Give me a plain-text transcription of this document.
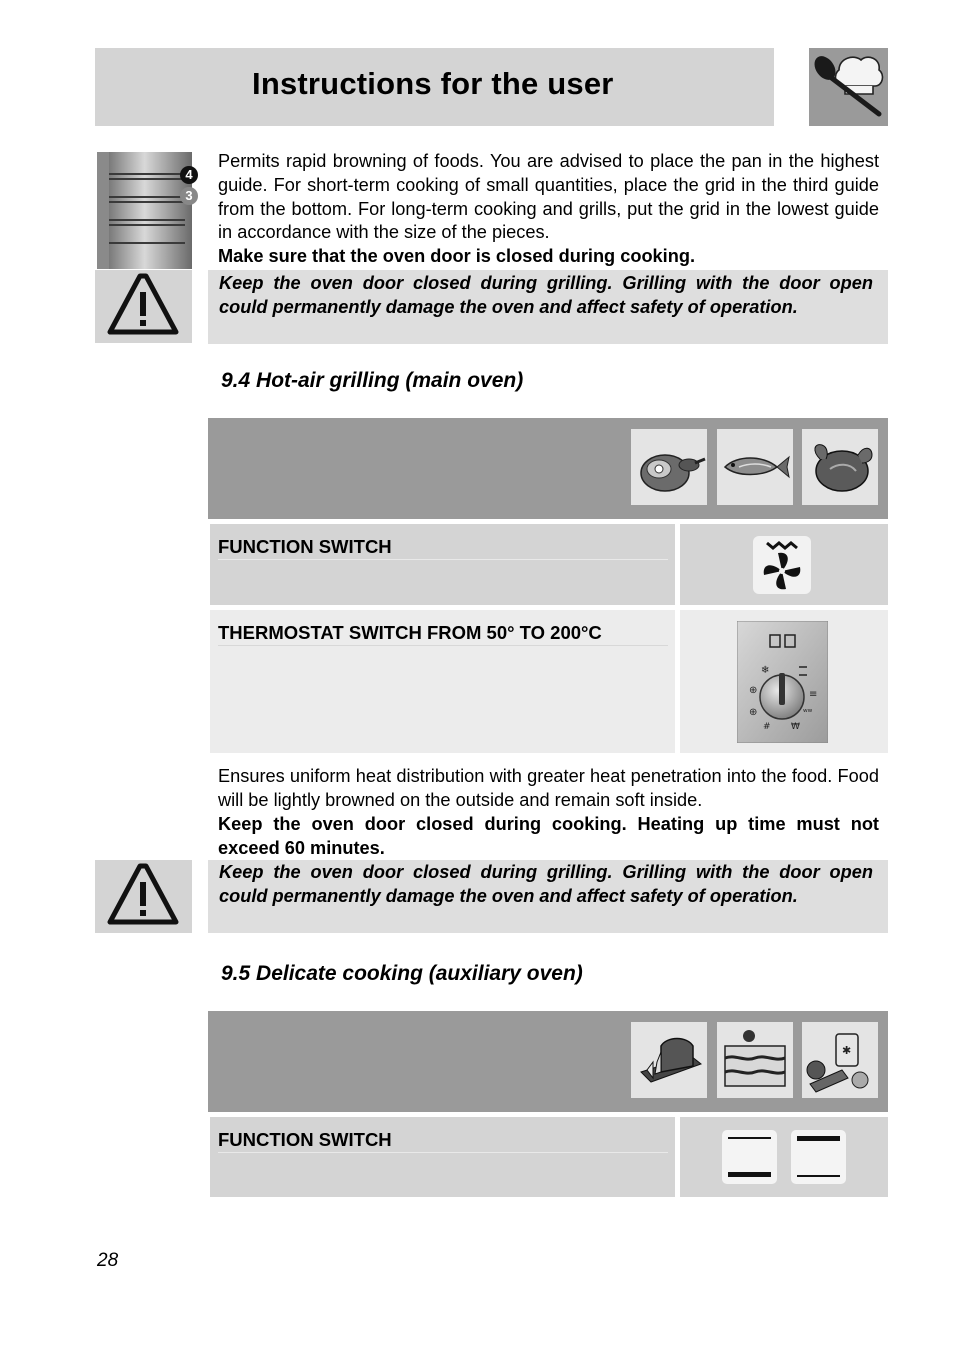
Instructions for the user
4
3
Permits rapid browning of foods. You are advised to place the pan in the highest guide. For short-term cooking of small quantities, place the grid in the third guide from the bottom. For long-term cooking and grills, put the grid in the lowest guide in accordance with the size of the pieces.
Make sure that the oven door is closed during cooking.
Keep the oven door closed during grilling. Grilling with the door open could permanently damage the oven and affect safety of operation.
9.4 Hot-air grilling (main oven)
FUNCTION SWITCH
THERMOSTAT SWITCH FROM 50° TO 200°C
❄
⊕
⊕
≡
ʷʷ
# ₩
Ensures uniform heat distribution with greater heat penetration into the food. Food will be lightly browned on the outside and remain soft inside.
Keep the oven door closed during cooking. Heating up time must not exceed 60 minutes.
Keep the oven door closed during grilling. Grilling with the door open could permanently damage the oven and affect safety of operation.
9.5 Delicate cooking (auxiliary oven)
✱
FUNCTION SWITCH
28
